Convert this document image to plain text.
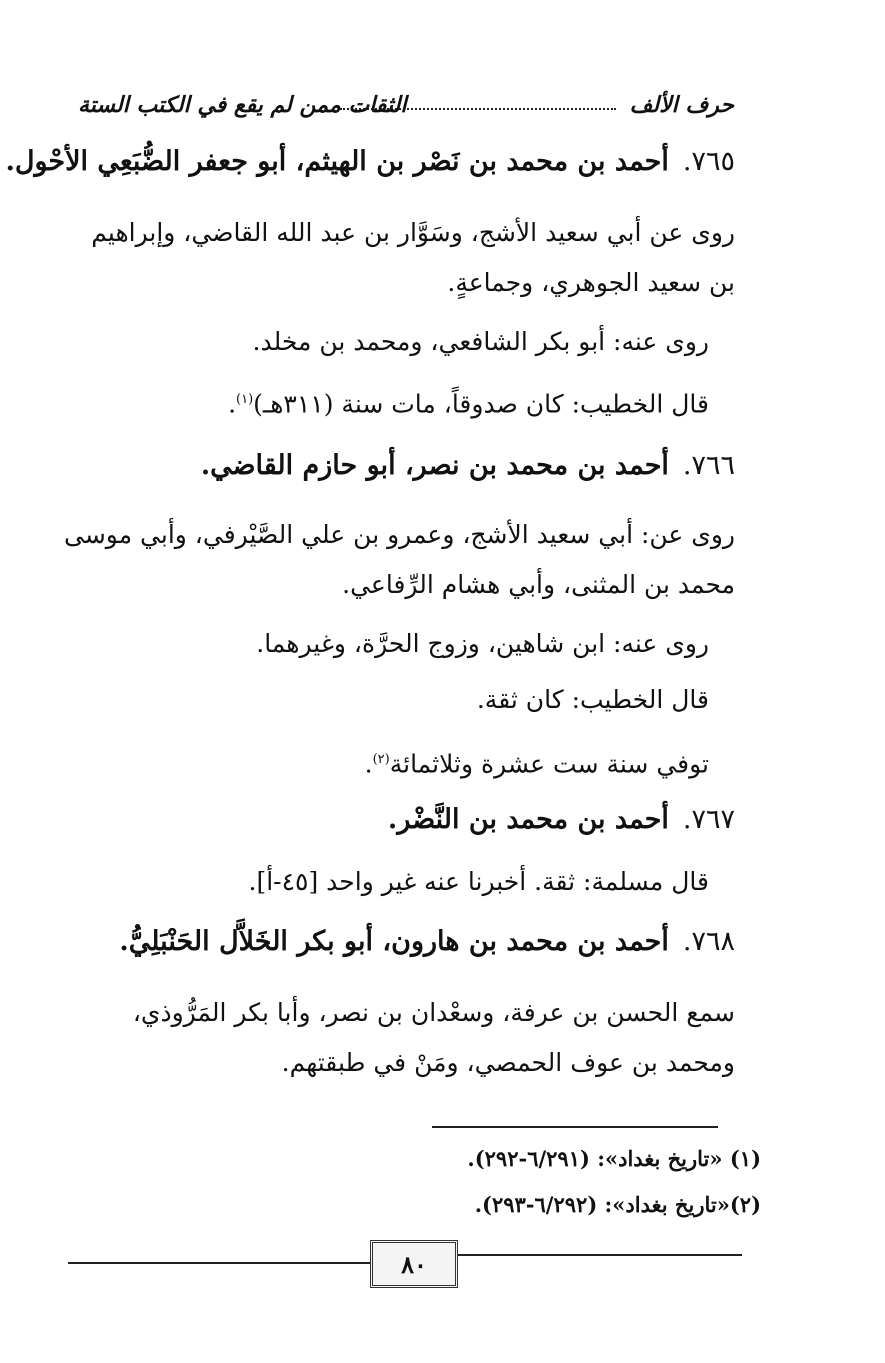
حرف الألف
الثقات ممن لم يقع في الكتب الستة
٧٦٥.أحمد بن محمد بن نَصْر بن الهيثم، أبو جعفر الضُّبَعِي الأحْول.
روى عن أبي سعيد الأشج، وسَوَّار بن عبد الله القاضي، وإبراهيم بن سعيد الجوهري، وجماعةٍ.
روى عنه: أبو بكر الشافعي، ومحمد بن مخلد.
قال الخطيب: كان صدوقاً، مات سنة (٣١١هـ)$^{(١)}$.
٧٦٦.أحمد بن محمد بن نصر، أبو حازم القاضي.
روى عن: أبي سعيد الأشج، وعمرو بن علي الصَّيْرفي، وأبي موسى محمد بن المثنى، وأبي هشام الرِّفاعي.
روى عنه: ابن شاهين، وزوج الحرَّة، وغيرهما.
قال الخطيب: كان ثقة.
توفي سنة ست عشرة وثلاثمائة$^{(٢)}$.
٧٦٧.أحمد بن محمد بن النَّضْر.
قال مسلمة: ثقة. أخبرنا عنه غير واحد [٤٥-أ].
٧٦٨.أحمد بن محمد بن هارون، أبو بكر الخَلاَّل الحَنْبَلِيُّ.
سمع الحسن بن عرفة، وسعْدان بن نصر، وأبا بكر المَرُّوذي، ومحمد بن عوف الحمصي، ومَنْ في طبقتهم.
(١) «تاريخ بغداد»: (٦/٢٩١-٢٩٢).
(٢)«تاريخ بغداد»: (٦/٢٩٢-٢٩٣).
٨٠
